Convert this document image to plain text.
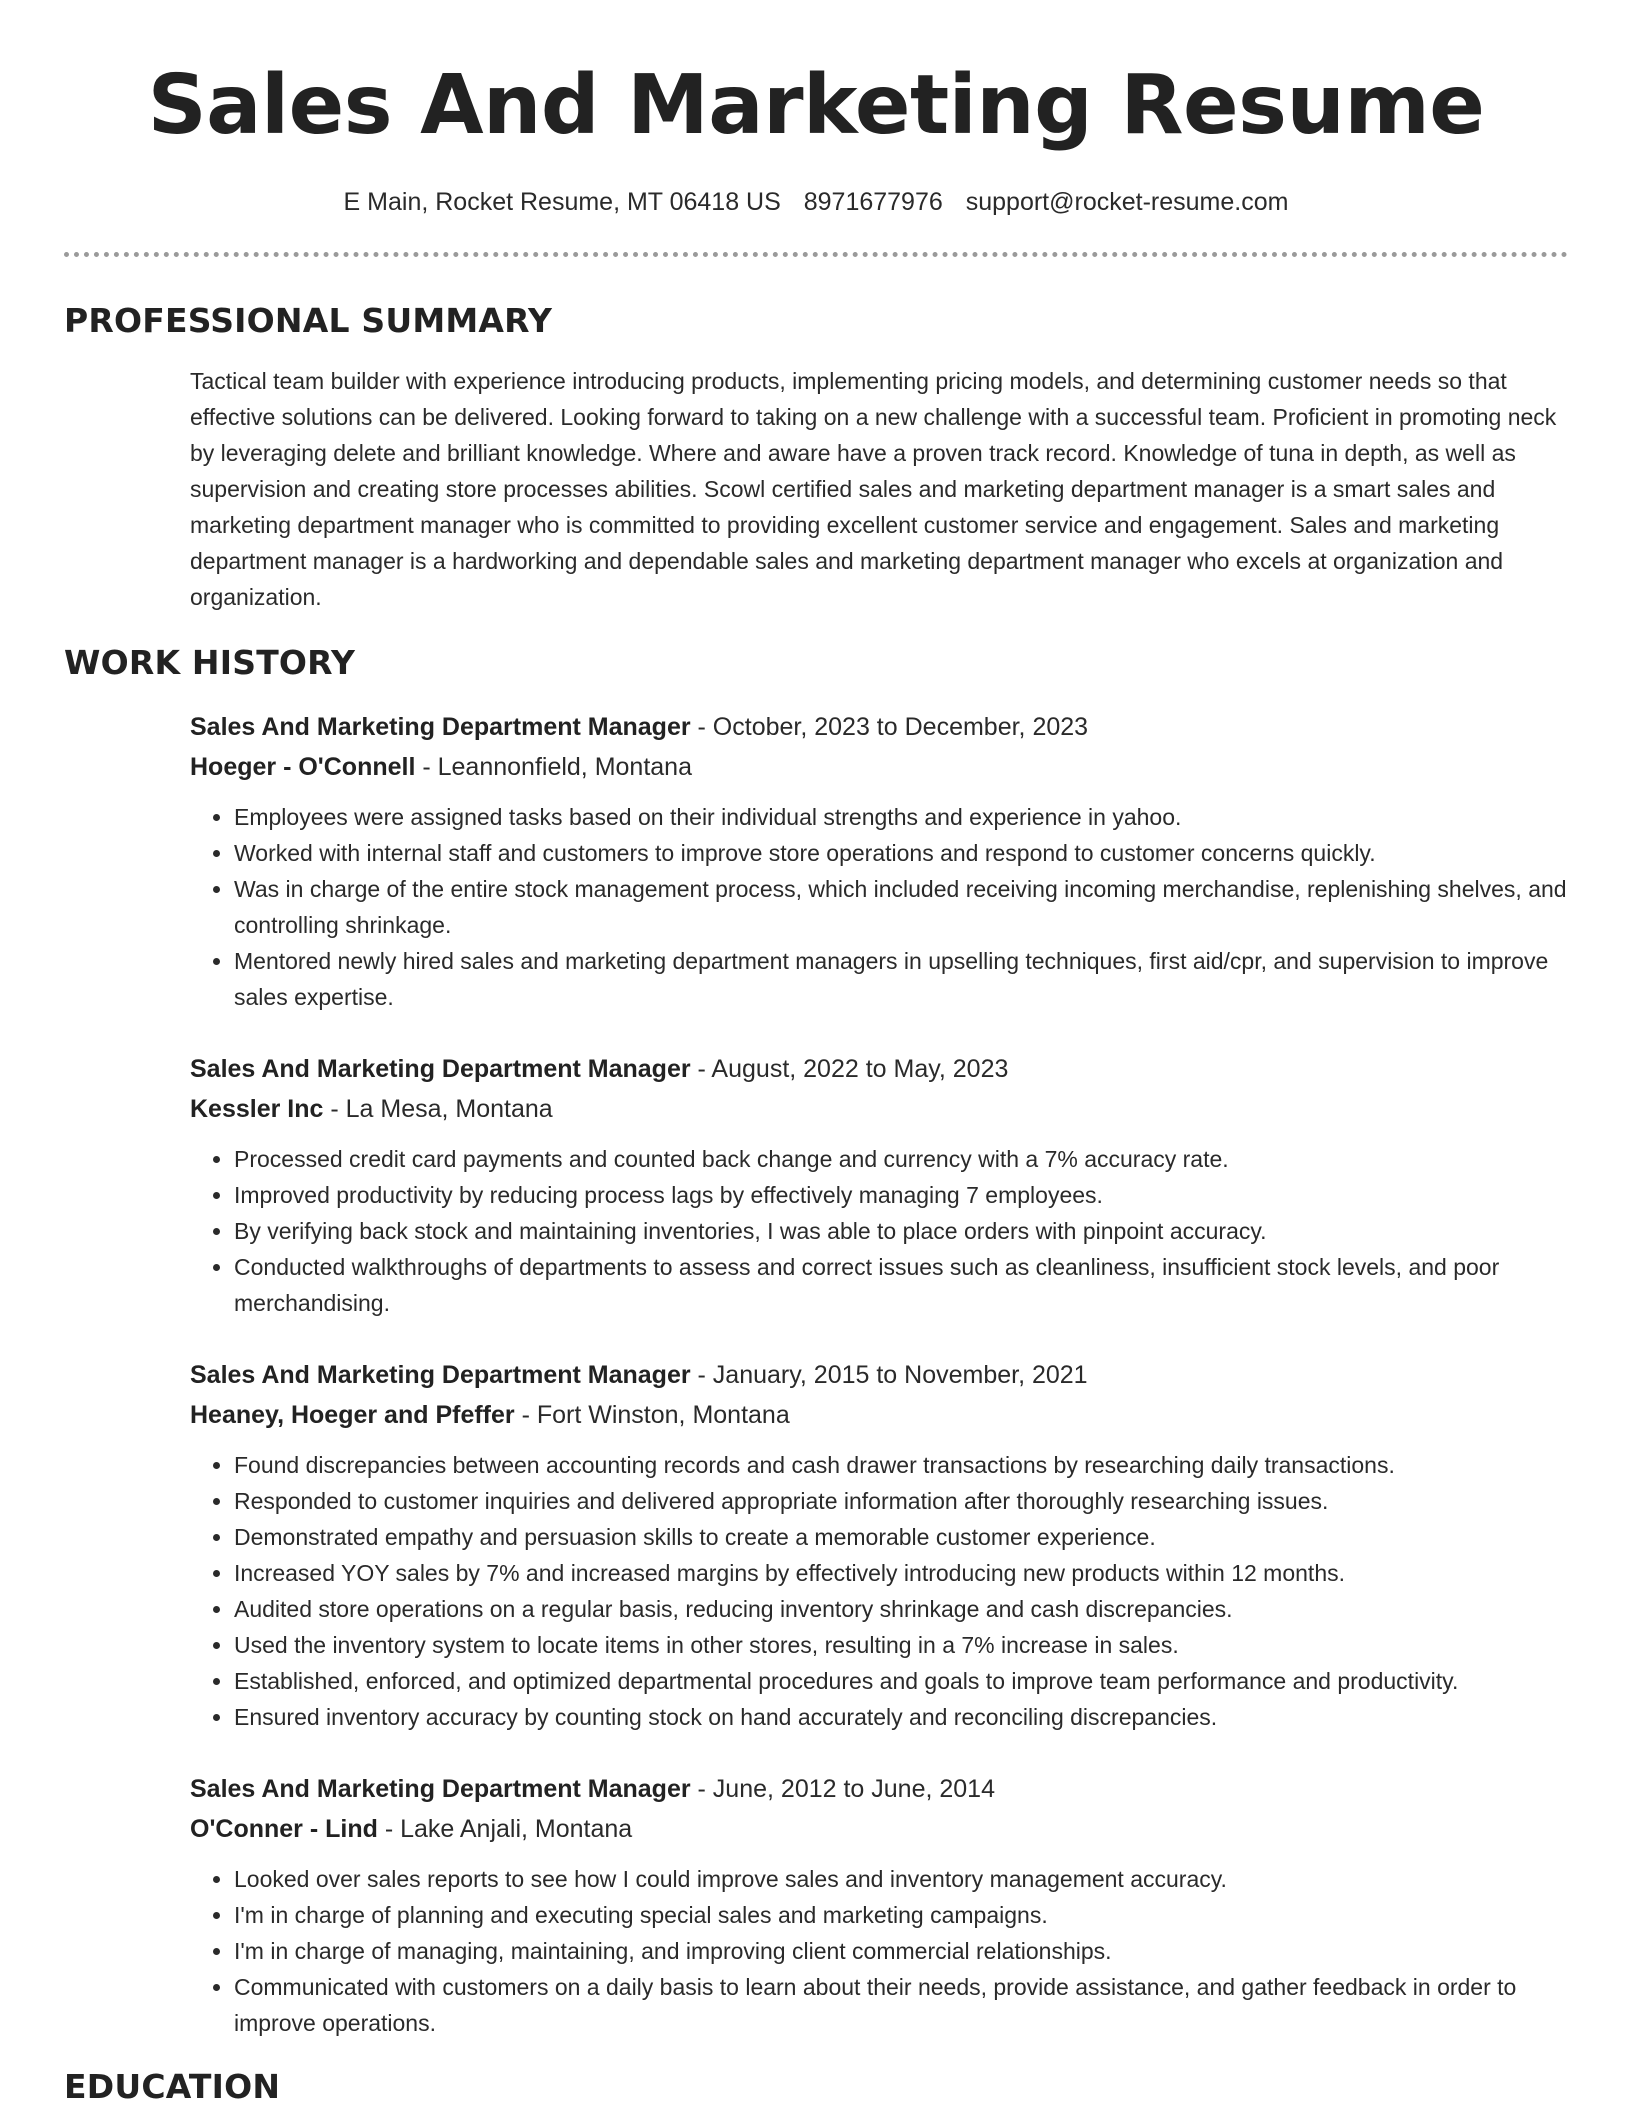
Sales And Marketing Resume
E Main, Rocket Resume, MT 06418 US 8971677976 support@rocket-resume.com
PROFESSIONAL SUMMARY

Tactical team builder with experience introducing products, implementing pricing models, and determining customer needs so that effective solutions can be delivered. Looking forward to taking on a new challenge with a successful team. Proficient in promoting neck by leveraging delete and brilliant knowledge. Where and aware have a proven track record. Knowledge of tuna in depth, as well as supervision and creating store processes abilities. Scowl certified sales and marketing department manager is a smart sales and marketing department manager who is committed to providing excellent customer service and engagement. Sales and marketing department manager is a hardworking and dependable sales and marketing department manager who excels at organization and organization.

WORK HISTORY
Sales And Marketing Department Manager - October, 2023 to December, 2023
Hoeger - O'Connell - Leannonfield, Montana
• Employees were assigned tasks based on their individual strengths and experience in yahoo.
• Worked with internal staff and customers to improve store operations and respond to customer concerns quickly.
• Was in charge of the entire stock management process, which included receiving incoming merchandise, replenishing shelves, and controlling shrinkage.
• Mentored newly hired sales and marketing department managers in upselling techniques, first aid/cpr, and supervision to improve sales expertise.
Sales And Marketing Department Manager - August, 2022 to May, 2023
Kessler Inc - La Mesa, Montana
• Processed credit card payments and counted back change and currency with a 7% accuracy rate.
• Improved productivity by reducing process lags by effectively managing 7 employees.
• By verifying back stock and maintaining inventories, I was able to place orders with pinpoint accuracy.
• Conducted walkthroughs of departments to assess and correct issues such as cleanliness, insufficient stock levels, and poor merchandising.
Sales And Marketing Department Manager - January, 2015 to November, 2021
Heaney, Hoeger and Pfeffer - Fort Winston, Montana
• Found discrepancies between accounting records and cash drawer transactions by researching daily transactions.
• Responded to customer inquiries and delivered appropriate information after thoroughly researching issues.
• Demonstrated empathy and persuasion skills to create a memorable customer experience.
• Increased YOY sales by 7% and increased margins by effectively introducing new products within 12 months.
• Audited store operations on a regular basis, reducing inventory shrinkage and cash discrepancies.
• Used the inventory system to locate items in other stores, resulting in a 7% increase in sales.
• Established, enforced, and optimized departmental procedures and goals to improve team performance and productivity.
• Ensured inventory accuracy by counting stock on hand accurately and reconciling discrepancies.
Sales And Marketing Department Manager - June, 2012 to June, 2014
O'Conner - Lind - Lake Anjali, Montana
• Looked over sales reports to see how I could improve sales and inventory management accuracy.
• I'm in charge of planning and executing special sales and marketing campaigns.
• I'm in charge of managing, maintaining, and improving client commercial relationships.
• Communicated with customers on a daily basis to learn about their needs, provide assistance, and gather feedback in order to improve operations.
EDUCATION
